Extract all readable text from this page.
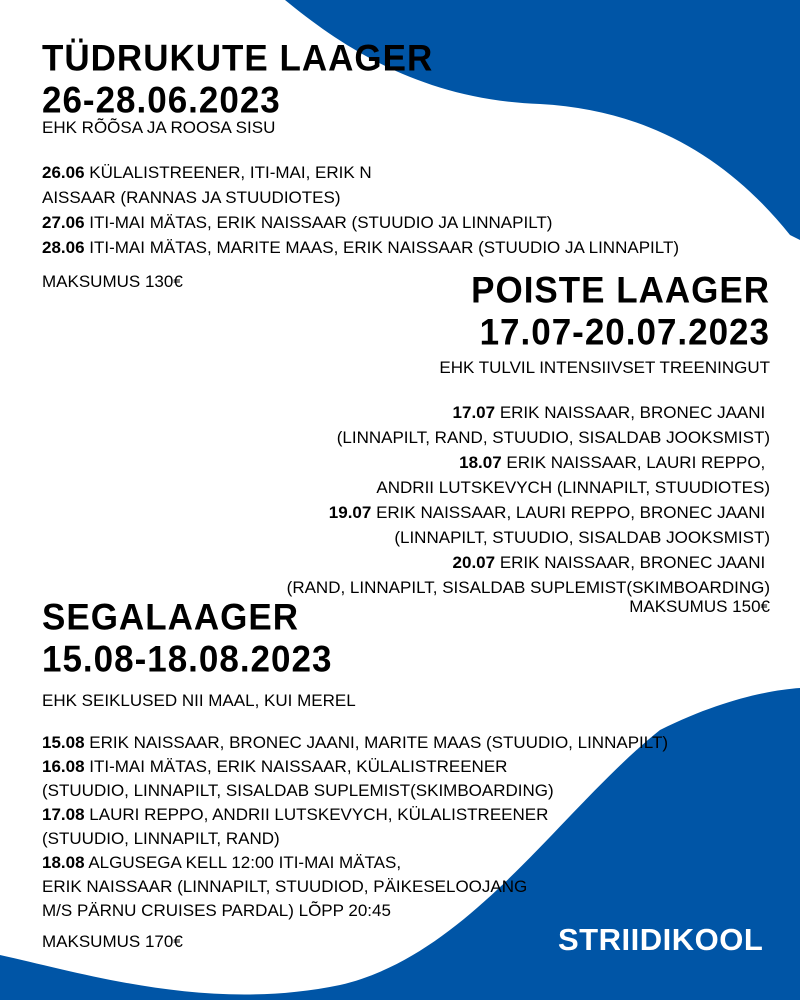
TÜDRUKUTE LAAGER
26-28.06.2023
EHK RÕÕSA JA ROOSA SISU
26.06 KÜLALISTREENER, ITI-MAI, ERIK N
AISSAAR (RANNAS JA STUUDIOTES)
27.06 ITI-MAI MÄTAS, ERIK NAISSAAR (STUUDIO JA LINNAPILT)
28.06 ITI-MAI MÄTAS, MARITE MAAS, ERIK NAISSAAR (STUUDIO JA LINNAPILT)
MAKSUMUS 130€	POISTE LAAGER
17.07-20.07.2023
EHK TULVIL INTENSIIVSET TREENINGUT
17.07 ERIK NAISSAAR, BRONEC JAANI
(LINNAPILT, RAND, STUUDIO, SISALDAB JOOKSMIST)
18.07 ERIK NAISSAAR, LAURI REPPO,
ANDRII LUTSKEVYCH (LINNAPILT, STUUDIOTES)
19.07 ERIK NAISSAAR, LAURI REPPO, BRONEC JAANI
(LINNAPILT, STUUDIO, SISALDAB JOOKSMIST)
20.07 ERIK NAISSAAR, BRONEC JAANI
(RAND, LINNAPILT, SISALDAB SUPLEMIST(SKIMBOARDING)
MAKSUMUS 150€
SEGALAAGER
15.08-18.08.2023
EHK SEIKLUSED NII MAAL, KUI MEREL
15.08 ERIK NAISSAAR, BRONEC JAANI, MARITE MAAS (STUUDIO, LINNAPILT)
16.08 ITI-MAI MÄTAS, ERIK NAISSAAR, KÜLALISTREENER
(STUUDIO, LINNAPILT, SISALDAB SUPLEMIST(SKIMBOARDING)
17.08 LAURI REPPO, ANDRII LUTSKEVYCH, KÜLALISTREENER
(STUUDIO, LINNAPILT, RAND)
18.08 ALGUSEGA KELL 12:00 ITI-MAI MÄTAS,
ERIK NAISSAAR (LINNAPILT, STUUDIOD, PÄIKESELOOJANG
M/S PÄRNU CRUISES PARDAL) LÕPP 20:45
MAKSUMUS 170€	STRIIDIKOOL
